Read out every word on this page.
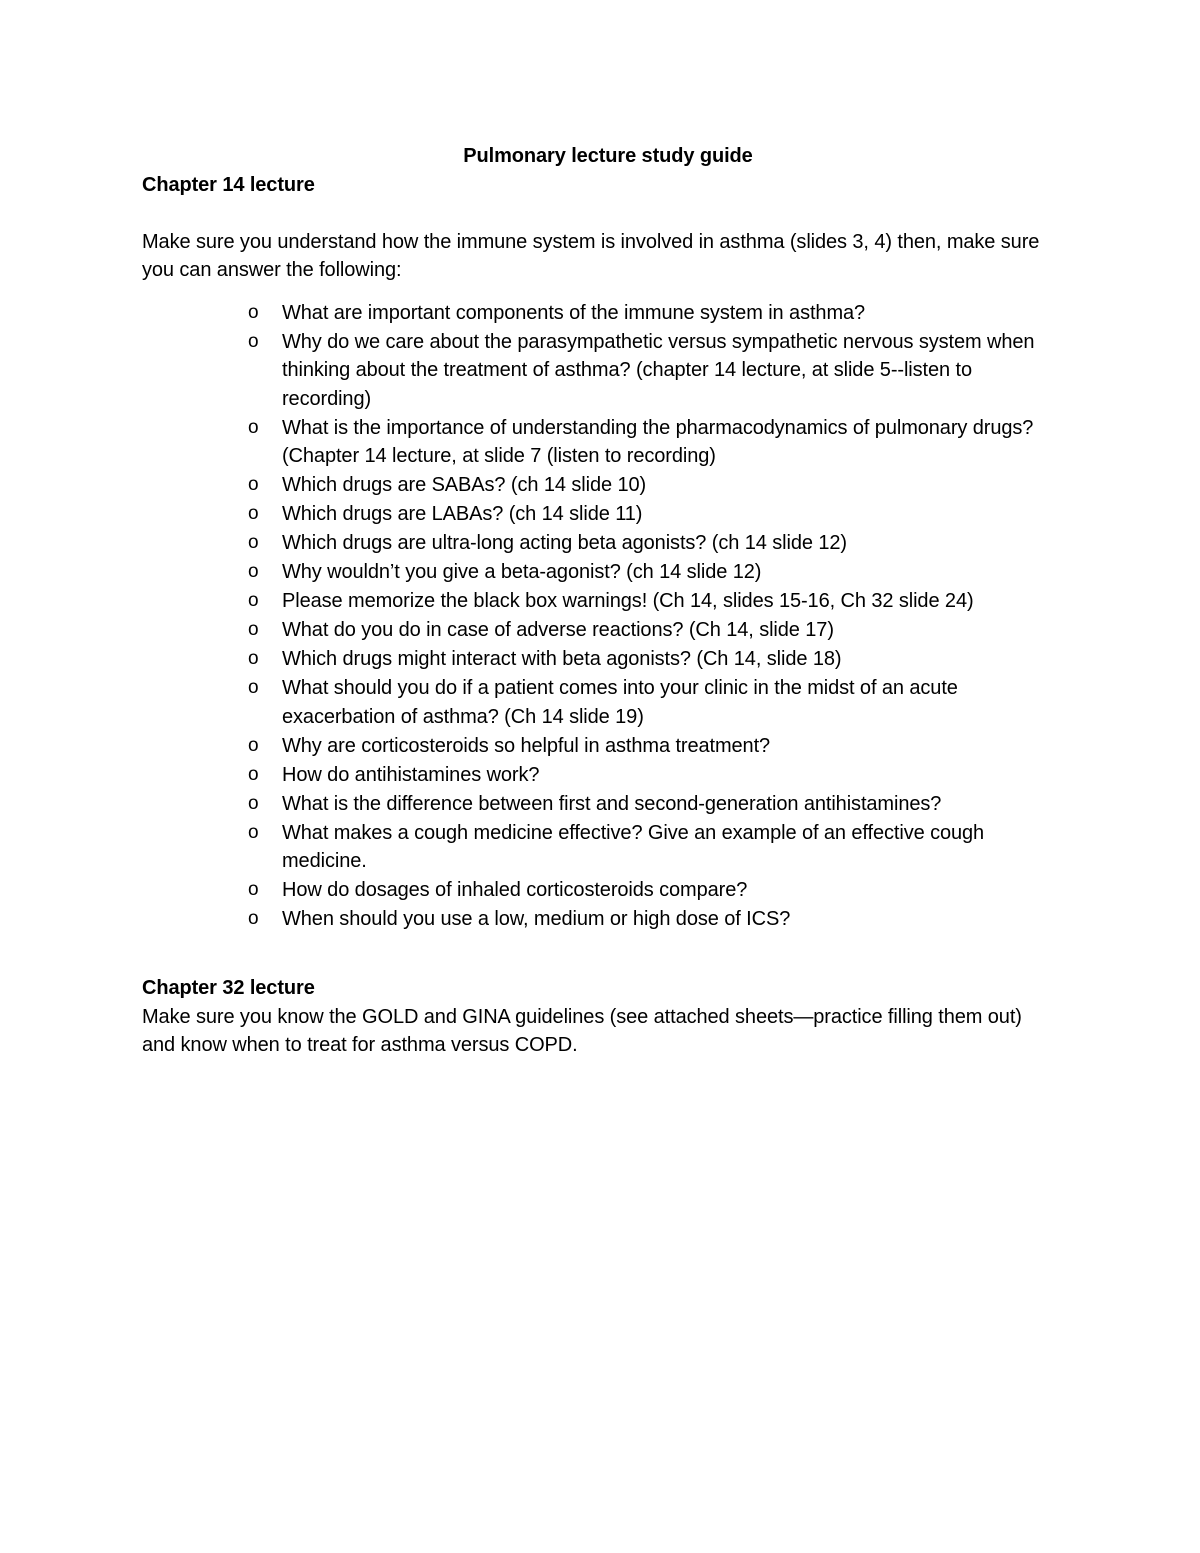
Pulmonary lecture study guide

Chapter 14 lecture

Make sure you understand how the immune system is involved in asthma (slides 3, 4) then, make sure you can answer the following:

o What are important components of the immune system in asthma?
o Why do we care about the parasympathetic versus sympathetic nervous system when thinking about the treatment of asthma? (chapter 14 lecture, at slide 5--listen to recording)
o What is the importance of understanding the pharmacodynamics of pulmonary drugs? (Chapter 14 lecture, at slide 7 (listen to recording)
o Which drugs are SABAs? (ch 14 slide 10)
o Which drugs are LABAs? (ch 14 slide 11)
o Which drugs are ultra-long acting beta agonists? (ch 14 slide 12)
o Why wouldn’t you give a beta-agonist? (ch 14 slide 12)
o Please memorize the black box warnings! (Ch 14, slides 15-16, Ch 32 slide 24)
o What do you do in case of adverse reactions? (Ch 14, slide 17)
o Which drugs might interact with beta agonists? (Ch 14, slide 18)
o What should you do if a patient comes into your clinic in the midst of an acute exacerbation of asthma? (Ch 14 slide 19)
o Why are corticosteroids so helpful in asthma treatment?
o How do antihistamines work?
o What is the difference between first and second-generation antihistamines?
o What makes a cough medicine effective? Give an example of an effective cough medicine.
o How do dosages of inhaled corticosteroids compare?
o When should you use a low, medium or high dose of ICS?

Chapter 32 lecture

Make sure you know the GOLD and GINA guidelines (see attached sheets—practice filling them out) and know when to treat for asthma versus COPD.
